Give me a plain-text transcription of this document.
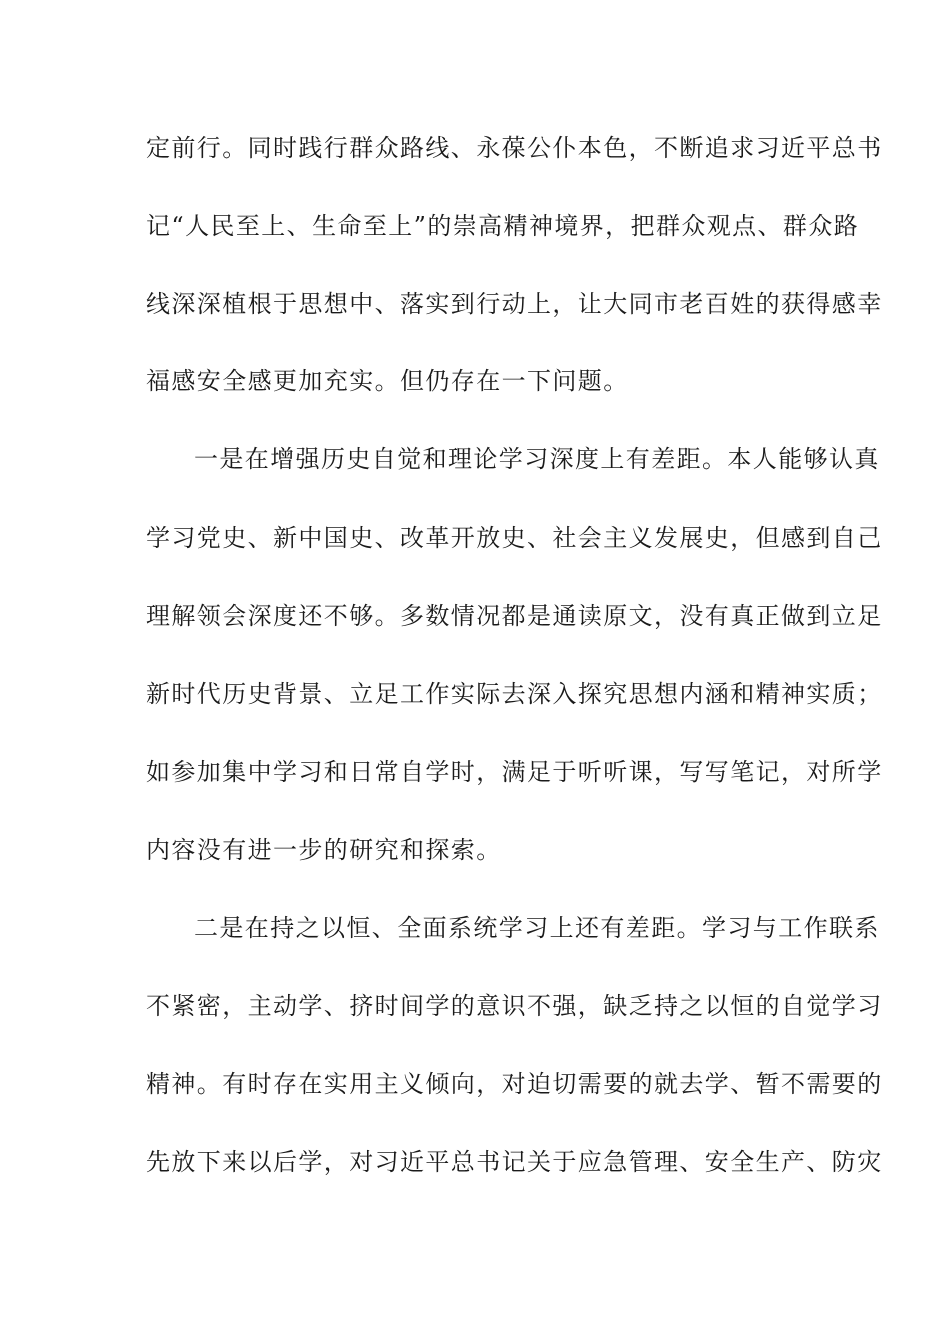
定前行。同时践行群众路线、永葆公仆本色，不断追求习近平总书
记“人民至上、生命至上”的崇高精神境界，把群众观点、群众路
线深深植根于思想中、落实到行动上，让大同市老百姓的获得感幸
福感安全感更加充实。但仍存在一下问题。
一是在增强历史自觉和理论学习深度上有差距。本人能够认真
学习党史、新中国史、改革开放史、社会主义发展史，但感到自己
理解领会深度还不够。多数情况都是通读原文，没有真正做到立足
新时代历史背景、立足工作实际去深入探究思想内涵和精神实质；
如参加集中学习和日常自学时，满足于听听课，写写笔记，对所学
内容没有进一步的研究和探索。
二是在持之以恒、全面系统学习上还有差距。学习与工作联系
不紧密，主动学、挤时间学的意识不强，缺乏持之以恒的自觉学习
精神。有时存在实用主义倾向，对迫切需要的就去学、暂不需要的
先放下来以后学，对习近平总书记关于应急管理、安全生产、防灾
